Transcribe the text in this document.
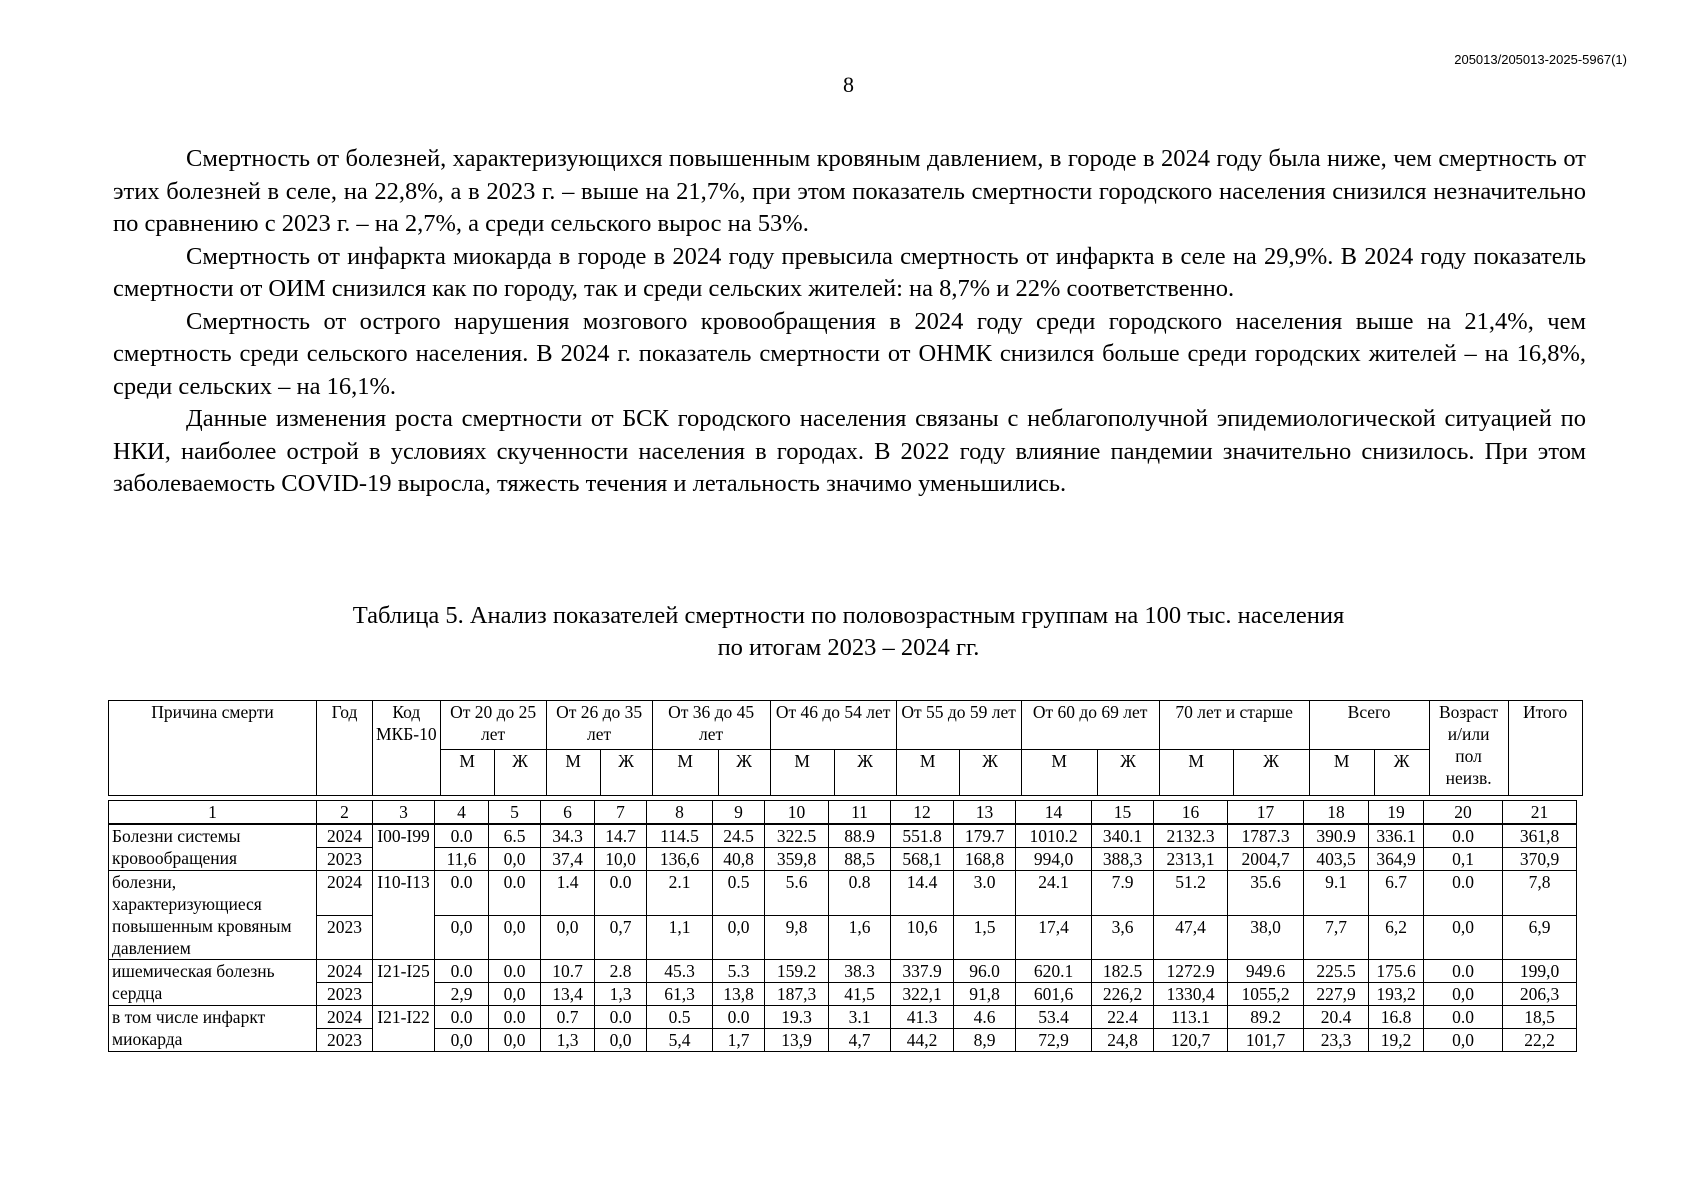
205013/205013-2025-5967(1)
8

Смертность от болезней, характеризующихся повышенным кровяным давлением, в городе в 2024 году была ниже, чем смертность от этих болезней в селе, на 22,8%, а в 2023 г. – выше на 21,7%, при этом показатель смертности городского населения снизился незначительно по сравнению с 2023 г. – на 2,7%, а среди сельского вырос на 53%.

Смертность от инфаркта миокарда в городе в 2024 году превысила смертность от инфаркта в селе на 29,9%. В 2024 году показатель смертности от ОИМ снизился как по городу, так и среди сельских жителей: на 8,7% и 22% соответственно.

Смертность от острого нарушения мозгового кровообращения в 2024 году среди городского населения выше на 21,4%, чем смертность среди сельского населения. В 2024 г. показатель смертности от ОНМК снизился больше среди городских жителей – на 16,8%, среди сельских – на 16,1%.

Данные изменения роста смертности от БСК городского населения связаны с неблагополучной эпидемиологической ситуацией по НКИ, наиболее острой в условиях скученности населения в городах. В 2022 году влияние пандемии значительно снизилось. При этом заболеваемость COVID-19 выросла, тяжесть течения и летальность значимо уменьшились.

Таблица 5. Анализ показателей смертности по половозрастным группам на 100 тыс. населения
по итогам 2023 – 2024 гг.
Причина смерти	Год	Код МКБ-10	От 20 до 25 лет		От 26 до 35 лет		От 36 до 45 лет		От 46 до 54 лет		От 55 до 59 лет		От 60 до 69 лет		70 лет и старше		Всего		Возраст и/или пол неизв.	Итого
			М	Ж	М	Ж	М	Ж	М	Ж	М	Ж	М	Ж	М	Ж	М	Ж		
1	2	3	4	5	6	7	8	9	10	11	12	13	14	15	16	17	18	19	20	21
Болезни системы кровообращения	2024	I00-I99	0.0	6.5	34.3	14.7	114.5	24.5	322.5	88.9	551.8	179.7	1010.2	340.1	2132.3	1787.3	390.9	336.1	0.0	361,8
	2023		11,6	0,0	37,4	10,0	136,6	40,8	359,8	88,5	568,1	168,8	994,0	388,3	2313,1	2004,7	403,5	364,9	0,1	370,9
болезни, характеризующиеся повышенным кровяным давлением	2024	I10-I13	0.0	0.0	1.4	0.0	2.1	0.5	5.6	0.8	14.4	3.0	24.1	7.9	51.2	35.6	9.1	6.7	0.0	7,8
	2023		0,0	0,0	0,0	0,7	1,1	0,0	9,8	1,6	10,6	1,5	17,4	3,6	47,4	38,0	7,7	6,2	0,0	6,9
ишемическая болезнь сердца	2024	I21-I25	0.0	0.0	10.7	2.8	45.3	5.3	159.2	38.3	337.9	96.0	620.1	182.5	1272.9	949.6	225.5	175.6	0.0	199,0
	2023		2,9	0,0	13,4	1,3	61,3	13,8	187,3	41,5	322,1	91,8	601,6	226,2	1330,4	1055,2	227,9	193,2	0,0	206,3
в том числе инфаркт миокарда	2024	I21-I22	0.0	0.0	0.7	0.0	0.5	0.0	19.3	3.1	41.3	4.6	53.4	22.4	113.1	89.2	20.4	16.8	0.0	18,5
	2023		0,0	0,0	1,3	0,0	5,4	1,7	13,9	4,7	44,2	8,9	72,9	24,8	120,7	101,7	23,3	19,2	0,0	22,2
